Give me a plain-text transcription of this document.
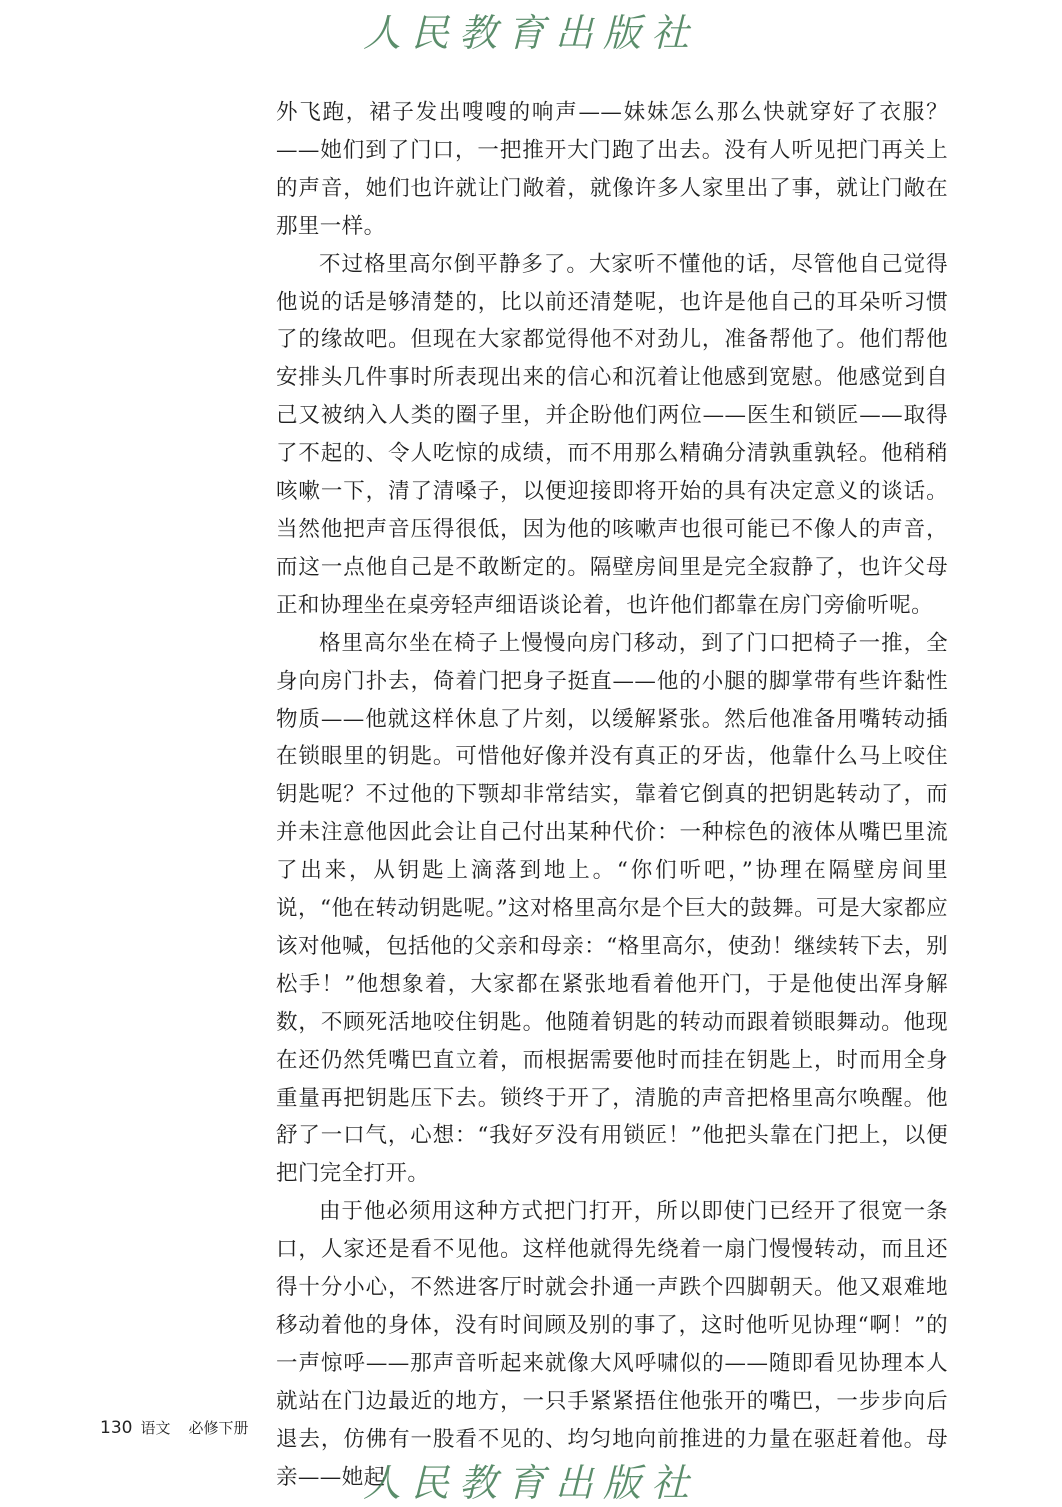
人民教育出版社

外飞跑，裙子发出嗖嗖的响声——妹妹怎么那么快就穿好了衣服？——她们到了门口，一把推开大门跑了出去。没有人听见把门再关上的声音，她们也许就让门敞着，就像许多人家里出了事，就让门敞在那里一样。

不过格里高尔倒平静多了。大家听不懂他的话，尽管他自己觉得他说的话是够清楚的，比以前还清楚呢，也许是他自己的耳朵听习惯了的缘故吧。但现在大家都觉得他不对劲儿，准备帮他了。他们帮他安排头几件事时所表现出来的信心和沉着让他感到宽慰。他感觉到自己又被纳入人类的圈子里，并企盼他们两位——医生和锁匠——取得了不起的、令人吃惊的成绩，而不用那么精确分清孰重孰轻。他稍稍咳嗽一下，清了清嗓子，以便迎接即将开始的具有决定意义的谈话。当然他把声音压得很低，因为他的咳嗽声也很可能已不像人的声音，而这一点他自己是不敢断定的。隔壁房间里是完全寂静了，也许父母正和协理坐在桌旁轻声细语谈论着，也许他们都靠在房门旁偷听呢。

格里高尔坐在椅子上慢慢向房门移动，到了门口把椅子一推，全身向房门扑去，倚着门把身子挺直——他的小腿的脚掌带有些许黏性物质——他就这样休息了片刻，以缓解紧张。然后他准备用嘴转动插在锁眼里的钥匙。可惜他好像并没有真正的牙齿，他靠什么马上咬住钥匙呢？不过他的下颚却非常结实，靠着它倒真的把钥匙转动了，而并未注意他因此会让自己付出某种代价：一种棕色的液体从嘴巴里流了出来，从钥匙上滴落到地上。“你们听吧，”协理在隔壁房间里说，“他在转动钥匙呢。”这对格里高尔是个巨大的鼓舞。可是大家都应该对他喊，包括他的父亲和母亲：“格里高尔，使劲！继续转下去，别松手！”他想象着，大家都在紧张地看着他开门，于是他使出浑身解数，不顾死活地咬住钥匙。他随着钥匙的转动而跟着锁眼舞动。他现在还仍然凭嘴巴直立着，而根据需要他时而挂在钥匙上，时而用全身重量再把钥匙压下去。锁终于开了，清脆的声音把格里高尔唤醒。他舒了一口气，心想：“我好歹没有用锁匠！”他把头靠在门把上，以便把门完全打开。

由于他必须用这种方式把门打开，所以即使门已经开了很宽一条口，人家还是看不见他。这样他就得先绕着一扇门慢慢转动，而且还得十分小心，不然进客厅时就会扑通一声跌个四脚朝天。他又艰难地移动着他的身体，没有时间顾及别的事了，这时他听见协理“啊！”的一声惊呼——那声音听起来就像大风呼啸似的——随即看见协理本人就站在门边最近的地方，一只手紧紧捂住他张开的嘴巴，一步步向后退去，仿佛有一股看不见的、均匀地向前推进的力量在驱赶着他。母亲——她起

130 语文 必修下册
人民教育出版社
